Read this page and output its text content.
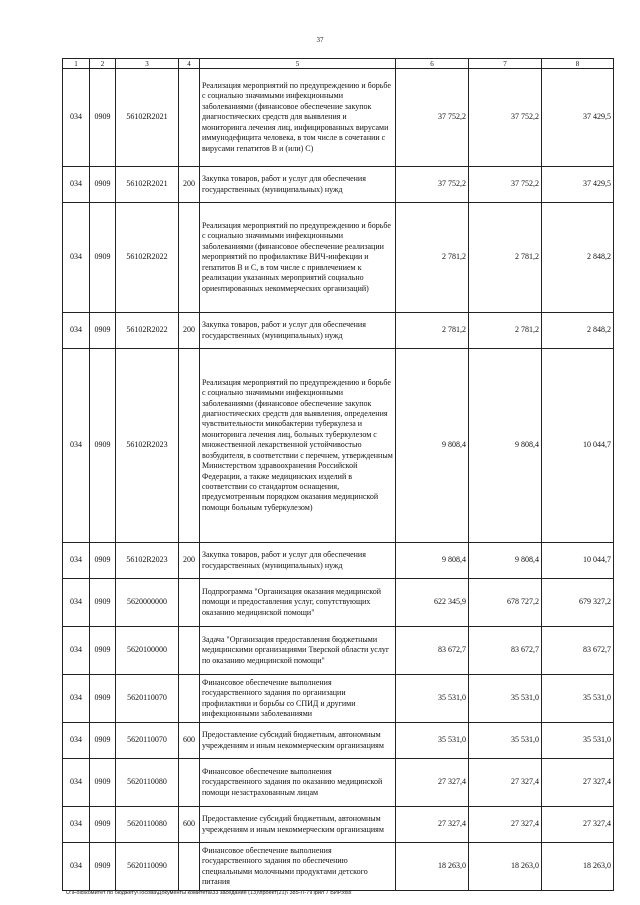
37
1	2	3	4	5	6	7	8
034	0909	56102R2021		Реализация мероприятий по предупреждению и борьбе с социально значимыми инфекционными заболеваниями (финансовое обеспечение закупок диагностических средств для выявления и мониторинга лечения лиц, инфицированных вирусами иммунодефицита человека, в том числе в сочетании с вирусами гепатитов В и (или) С)	37 752,2	37 752,2	37 429,5
034	0909	56102R2021	200	Закупка товаров, работ и услуг для обеспечения государственных (муниципальных) нужд	37 752,2	37 752,2	37 429,5
034	0909	56102R2022		Реализация мероприятий по предупреждению и борьбе с социально значимыми инфекционными заболеваниями (финансовое обеспечение реализации мероприятий по профилактике ВИЧ-инфекции и гепатитов В и С, в том числе с привлечением к реализации указанных мероприятий социально ориентированных некоммерческих организаций)	2 781,2	2 781,2	2 848,2
034	0909	56102R2022	200	Закупка товаров, работ и услуг для обеспечения государственных (муниципальных) нужд	2 781,2	2 781,2	2 848,2
034	0909	56102R2023		Реализация мероприятий по предупреждению и борьбе с социально значимыми инфекционными заболеваниями (финансовое обеспечение закупок диагностических средств для выявления, определения чувствительности микобактерии туберкулеза и мониторинга лечения лиц, больных туберкулезом с множественной лекарственной устойчивостью возбудителя, в соответствии с перечнем, утвержденным Министерством здравоохранения Российской Федерации, а также медицинских изделий в соответствии со стандартом оснащения, предусмотренным порядком оказания медицинской помощи больным туберкулезом)	9 808,4	9 808,4	10 044,7
034	0909	56102R2023	200	Закупка товаров, работ и услуг для обеспечения государственных (муниципальных) нужд	9 808,4	9 808,4	10 044,7
034	0909	5620000000		Подпрограмма "Организация оказания медицинской помощи и предоставления услуг, сопутствующих оказанию медицинской помощи"	622 345,9	678 727,2	679 327,2
034	0909	5620100000		Задача "Организация предоставления бюджетными медицинскими организациями Тверской области услуг по оказанию медицинской помощи"	83 672,7	83 672,7	83 672,7
034	0909	5620110070		Финансовое обеспечение выполнения государственного задания по организации профилактики и борьбы со СПИД и другими инфекционными заболеваниями	35 531,0	35 531,0	35 531,0
034	0909	5620110070	600	Предоставление субсидий бюджетным, автономным учреждениям и иным некоммерческим организациям	35 531,0	35 531,0	35 531,0
034	0909	5620110080		Финансовое обеспечение выполнения государственного задания по оказанию медицинской помощи незастрахованным лицам	27 327,4	27 327,4	27 327,4
034	0909	5620110080	600	Предоставление субсидий бюджетным, автономным учреждениям и иным некоммерческим организациям	27 327,4	27 327,4	27 327,4
034	0909	5620110090		Финансовое обеспечение выполнения государственного задания по обеспечению специальными молочными продуктами детского питания	18 263,0	18 263,0	18 263,0
U:\Fold\комитет по бюджету\Тосова\Документы комитета\33 заседание (13)\проект(21)\ 385-П-7\Прил 7 БИР.xlsx
